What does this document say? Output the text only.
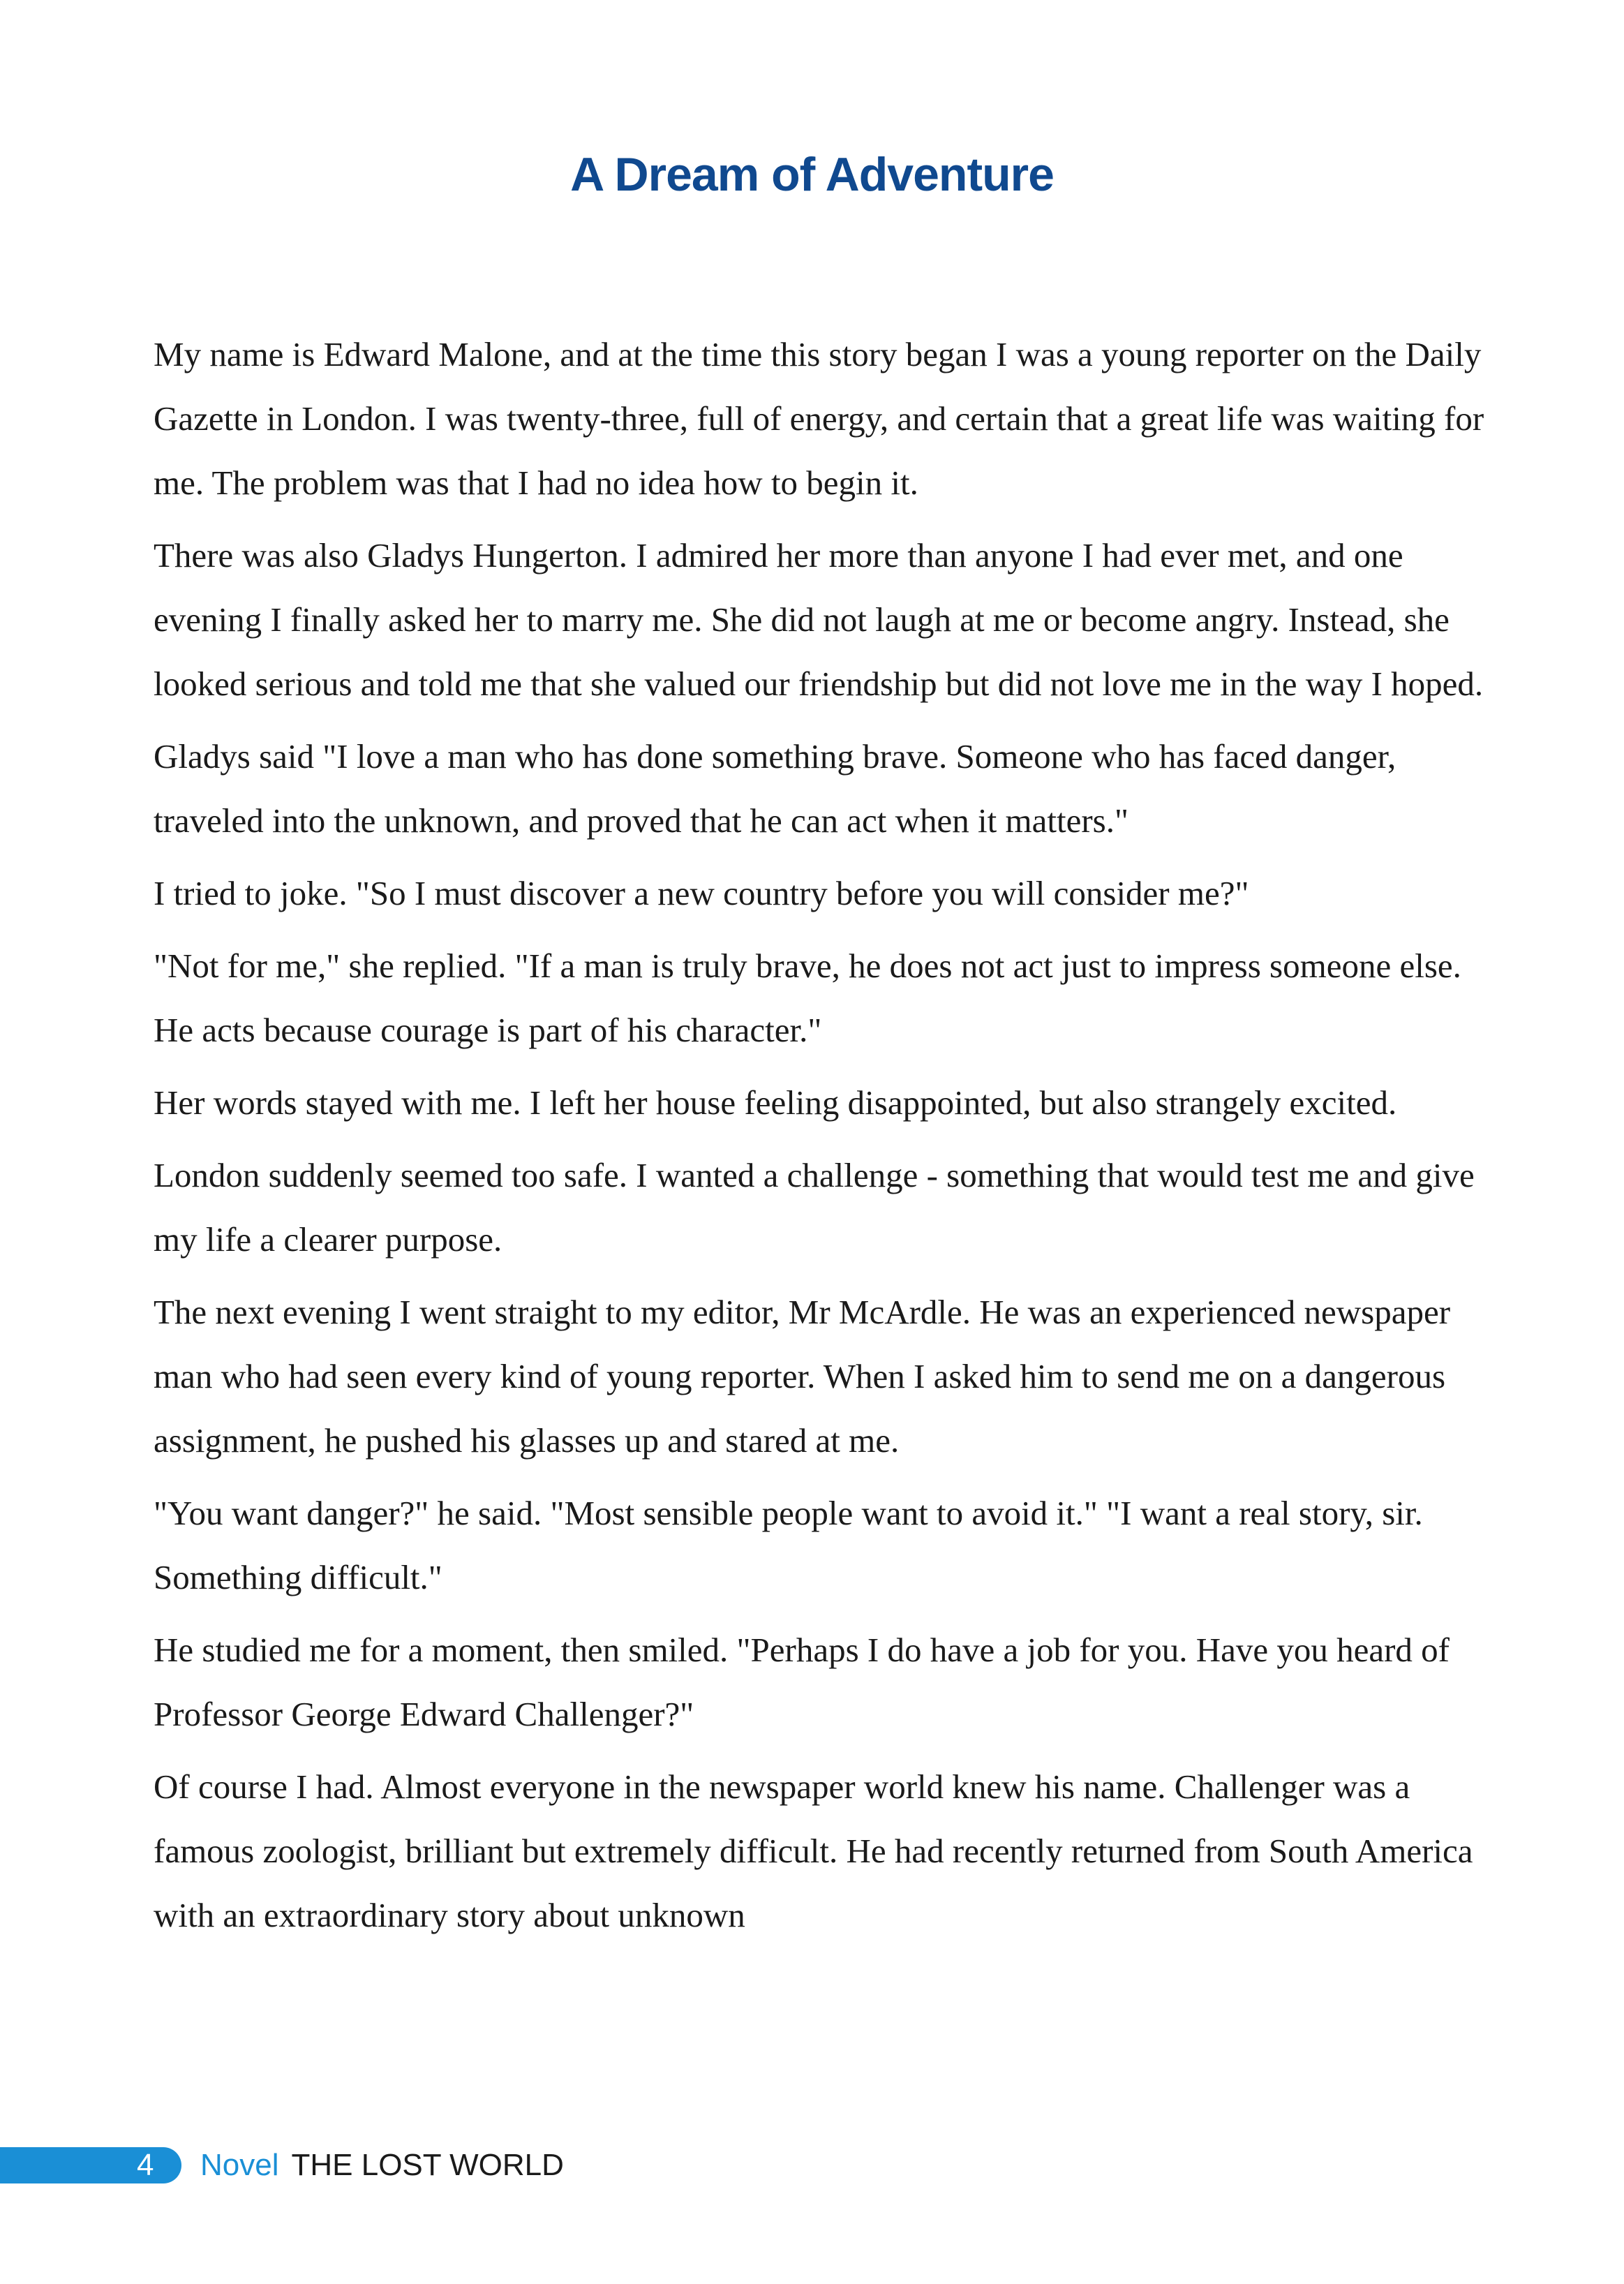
A Dream of Adventure

My name is Edward Malone, and at the time this story began I was a young reporter on the Daily Gazette in London. I was twenty-three, full of energy, and certain that a great life was waiting for me. The problem was that I had no idea how to begin it.

There was also Gladys Hungerton. I admired her more than anyone I had ever met, and one evening I finally asked her to marry me. She did not laugh at me or become angry. Instead, she looked serious and told me that she valued our friendship but did not love me in the way I hoped.

Gladys said "I love a man who has done something brave. Someone who has faced danger, traveled into the unknown, and proved that he can act when it matters."

I tried to joke. "So I must discover a new country before you will consider me?"

"Not for me," she replied. "If a man is truly brave, he does not act just to impress someone else. He acts because courage is part of his character."

Her words stayed with me. I left her house feeling disappointed, but also strangely excited.

London suddenly seemed too safe. I wanted a challenge - something that would test me and give my life a clearer purpose.

The next evening I went straight to my editor, Mr McArdle. He was an experienced newspaper man who had seen every kind of young reporter. When I asked him to send me on a dangerous assignment, he pushed his glasses up and stared at me.

"You want danger?" he said. "Most sensible people want to avoid it." "I want a real story, sir. Something difficult."

He studied me for a moment, then smiled. "Perhaps I do have a job for you. Have you heard of Professor George Edward Challenger?"

Of course I had. Almost everyone in the newspaper world knew his name. Challenger was a famous zoologist, brilliant but extremely difficult. He had recently returned from South America with an extraordinary story about unknown

4 Novel THE LOST WORLD
